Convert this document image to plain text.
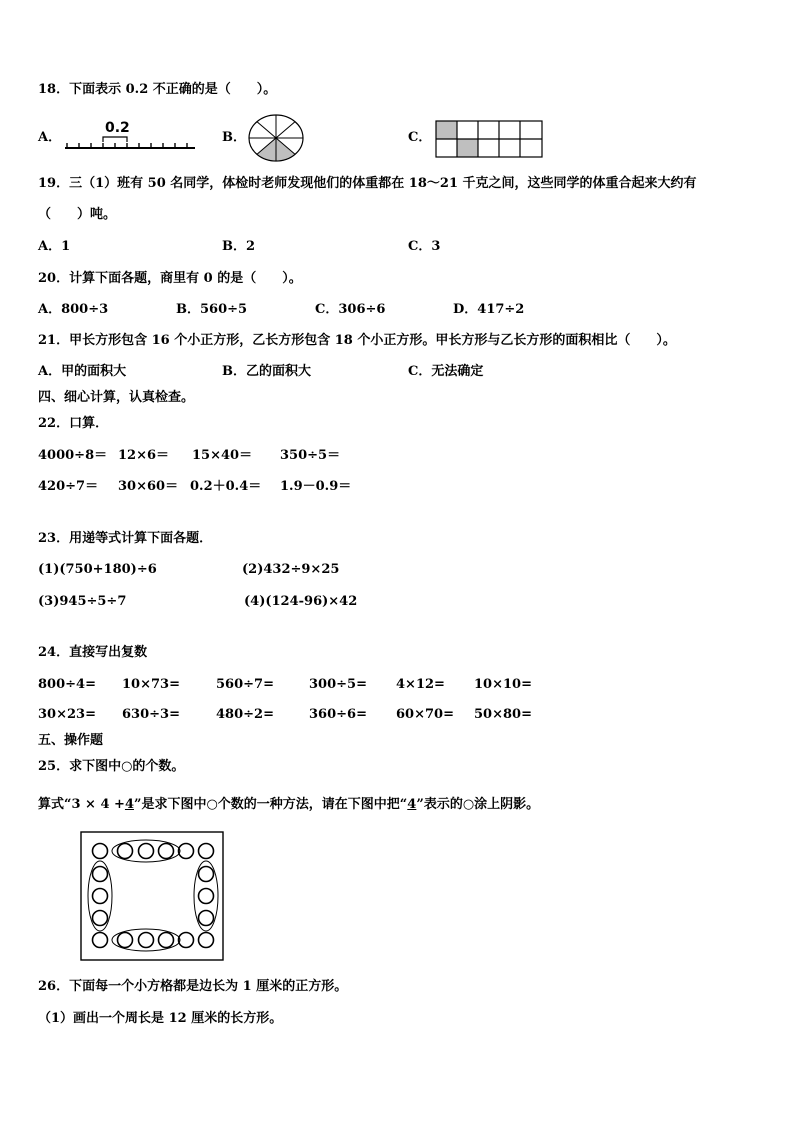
18．下面表示 0.2 不正确的是（　　）。
A．
0.2
B．	C．
19．三（1）班有 50 名同学，体检时老师发现他们的体重都在 18～21 千克之间，这些同学的体重合起来大约有
（　　）吨。
A．1	B．2	C．3
20．计算下面各题，商里有 0 的是（　　）。
A．800÷3	B．560÷5	C．306÷6	D．417÷2
21．甲长方形包含 16 个小正方形，乙长方形包含 18 个小正方形。甲长方形与乙长方形的面积相比（　　）。
A．甲的面积大	B．乙的面积大	C．无法确定
四、细心计算，认真检查。
22．口算．
4000÷8＝ 12×6＝ 15×40＝ 350÷5＝
420÷7＝ 30×60＝ 0.2＋0.4＝ 1.9－0.9＝
23．用递等式计算下面各题．
(1)(750+180)÷6	(2)432÷9×25
(3)945÷5÷7	(4)(124-96)×42
24．直接写出复数
800÷4= 10×73=	560÷7=	300÷5= 4×12= 10×10=
30×23= 630÷3=	480÷2=	360÷6= 60×70= 50×80=
五、操作题
25．求下图中○的个数。
算式“3 × 4 +4”是求下图中○个数的一种方法，请在下图中把“4”表示的○涂上阴影。
26．下面每一个小方格都是边长为 1 厘米的正方形。
（1）画出一个周长是 12 厘米的长方形。
